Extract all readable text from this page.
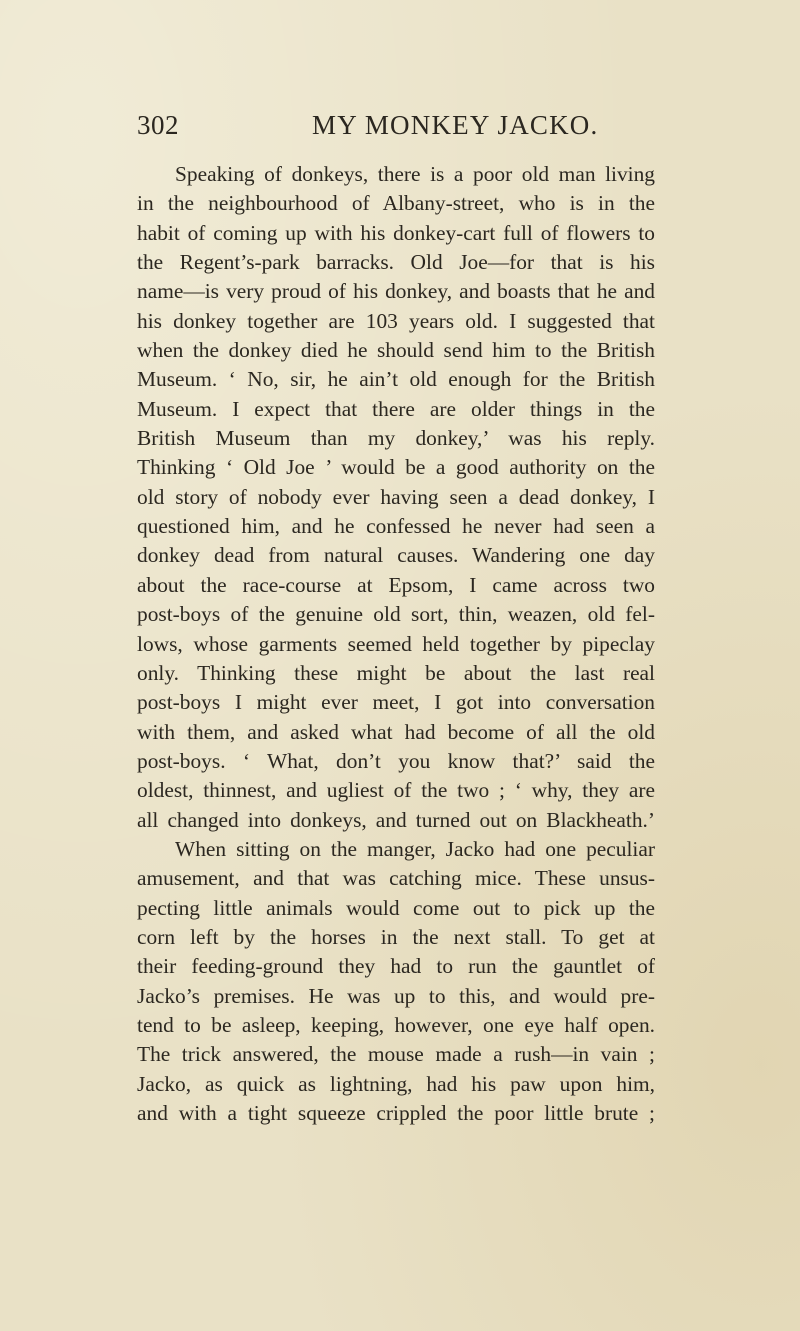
302	MY MONKEY JACKO.
Speaking of donkeys, there is a poor old man living
in the neighbourhood of Albany-street, who is in the
habit of coming up with his donkey-cart full of flowers to
the Regent’s-park barracks. Old Joe—for that is his
name—is very proud of his donkey, and boasts that he and
his donkey together are 103 years old. I suggested that
when the donkey died he should send him to the British
Museum. ‘ No, sir, he ain’t old enough for the British
Museum. I expect that there are older things in the
British Museum than my donkey,’ was his reply.
Thinking ‘ Old Joe ’ would be a good authority on the
old story of nobody ever having seen a dead donkey, I
questioned him, and he confessed he never had seen a
donkey dead from natural causes. Wandering one day
about the race-course at Epsom, I came across two
post-boys of the genuine old sort, thin, weazen, old fel-
lows, whose garments seemed held together by pipeclay
only. Thinking these might be about the last real
post-boys I might ever meet, I got into conversation
with them, and asked what had become of all the old
post-boys. ‘ What, don’t you know that?’ said the
oldest, thinnest, and ugliest of the two ; ‘ why, they are
all changed into donkeys, and turned out on Blackheath.’
When sitting on the manger, Jacko had one peculiar
amusement, and that was catching mice. These unsus-
pecting little animals would come out to pick up the
corn left by the horses in the next stall. To get at
their feeding-ground they had to run the gauntlet of
Jacko’s premises. He was up to this, and would pre-
tend to be asleep, keeping, however, one eye half open.
The trick answered, the mouse made a rush—in vain ;
Jacko, as quick as lightning, had his paw upon him,
and with a tight squeeze crippled the poor little brute ;
